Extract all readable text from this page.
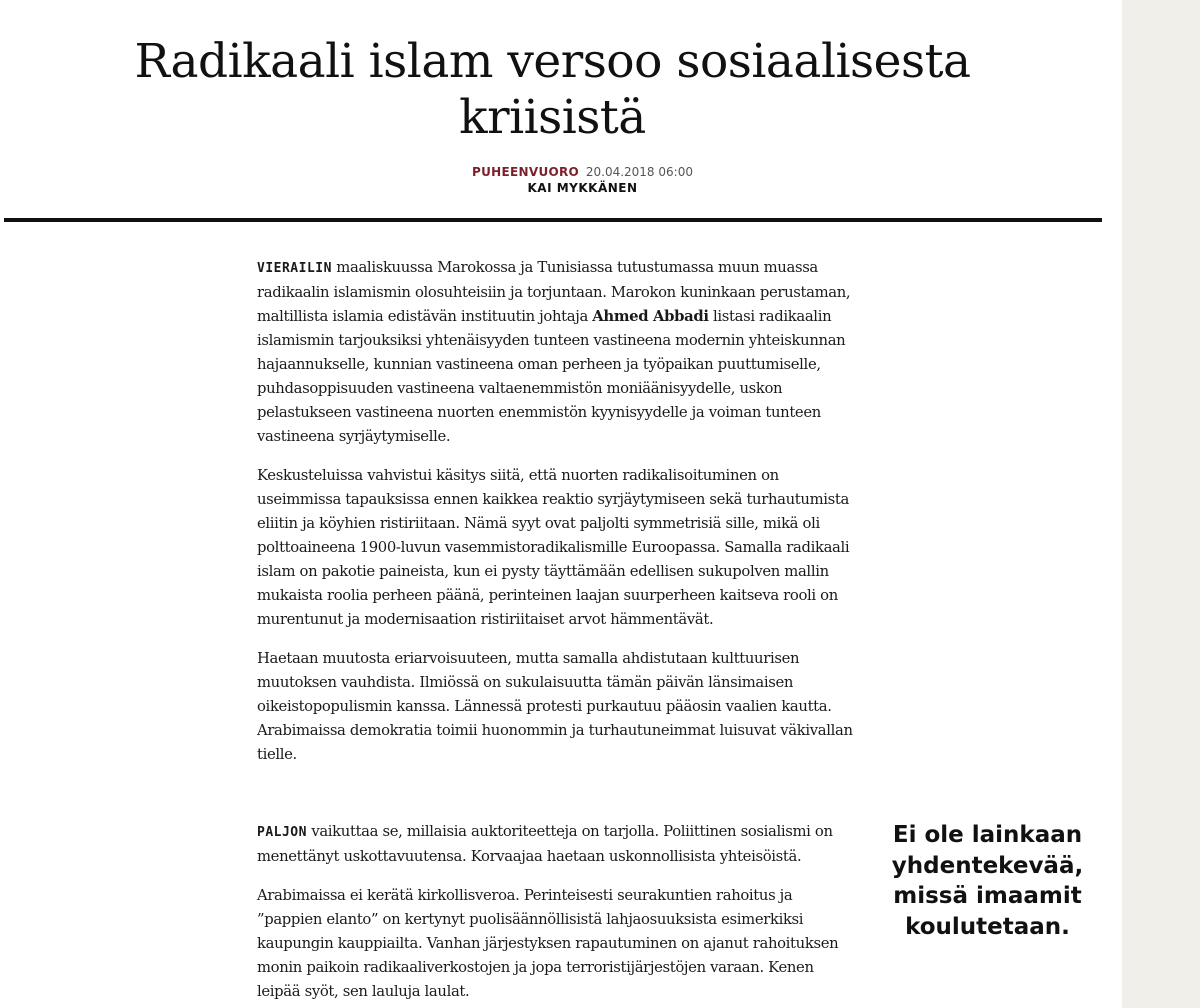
Radikaali islam versoo sosiaalisesta kriisistä
PUHEENVUORO 20.04.2018 06:00
KAI MYKKÄNEN

VIERAILIN maaliskuussa Marokossa ja Tunisiassa tutustumassa muun muassa radikaalin islamismin olosuhteisiin ja torjuntaan. Marokon kuninkaan perustaman, maltillista islamia edistävän instituutin johtaja Ahmed Abbadi listasi radikaalin islamismin tarjouksiksi yhtenäisyyden tunteen vastineena modernin yhteiskunnan hajaannukselle, kunnian vastineena oman perheen ja työpaikan puuttumiselle, puhdasoppisuuden vastineena valtaenemmistön moniäänisyydelle, uskon pelastukseen vastineena nuorten enemmistön kyynisyydelle ja voiman tunteen vastineena syrjäytymiselle.

Keskusteluissa vahvistui käsitys siitä, että nuorten radikalisoituminen on useimmissa tapauksissa ennen kaikkea reaktio syrjäytymiseen sekä turhautumista eliitin ja köyhien ristiriitaan. Nämä syyt ovat paljolti symmetrisiä sille, mikä oli polttoaineena 1900-luvun vasemmistoradikalismille Euroopassa. Samalla radikaali islam on pakotie paineista, kun ei pysty täyttämään edellisen sukupolven mallin mukaista roolia perheen päänä, perinteinen laajan suurperheen kaitseva rooli on murentunut ja modernisaation ristiriitaiset arvot hämmentävät.

Haetaan muutosta eriarvoisuuteen, mutta samalla ahdistutaan kulttuurisen muutoksen vauhdista. Ilmiössä on sukulaisuutta tämän päivän länsimaisen oikeistopopulismin kanssa. Lännessä protesti purkautuu pääosin vaalien kautta. Arabimaissa demokratia toimii huonommin ja turhautuneimmat luisuvat väkivallan tielle.

PALJON vaikuttaa se, millaisia auktoriteetteja on tarjolla. Poliittinen sosialismi on menettänyt uskottavuutensa. Korvaajaa haetaan uskonnollisista yhteisöistä.

Arabimaissa ei kerätä kirkollisveroa. Perinteisesti seurakuntien rahoitus ja ”pappien elanto” on kertynyt puolisäännöllisistä lahjaosuuksista esimerkiksi kaupungin kauppiailta. Vanhan järjestyksen rapautuminen on ajanut rahoituksen monin paikoin radikaaliverkostojen ja jopa terroristijärjestöjen varaan. Kenen leipää syöt, sen lauluja laulat.

Ei ole lainkaan yhdentekevää, missä imaamit koulutetaan.
